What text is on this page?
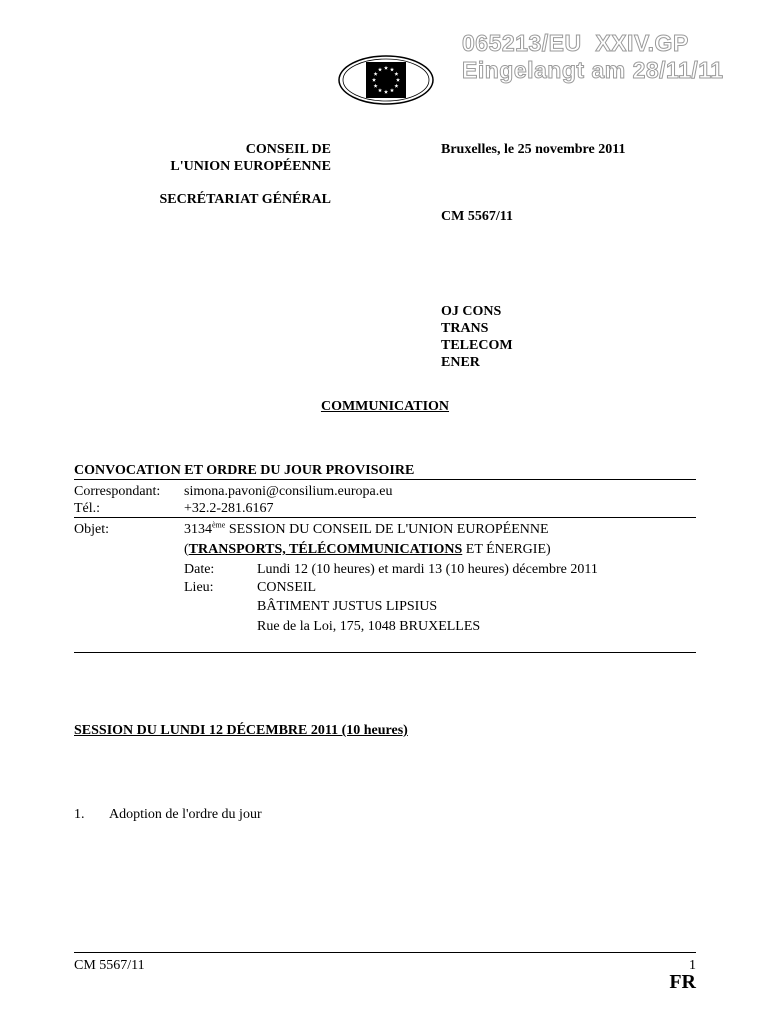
065213/EU  XXIV.GP
Eingelangt am 28/11/11
CONSEIL DE
L'UNION EUROPÉENNE
SECRÉTARIAT GÉNÉRAL
Bruxelles, le 25 novembre 2011
CM 5567/11
OJ CONS
TRANS
TELECOM
ENER
COMMUNICATION
CONVOCATION ET ORDRE DU JOUR PROVISOIRE
Correspondant: simona.pavoni@consilium.europa.eu
Tél.:	+32.2-281.6167
Objet:	3134ème SESSION DU CONSEIL DE L'UNION EUROPÉENNE
(TRANSPORTS, TÉLÉCOMMUNICATIONS ET ÉNERGIE)
Date:	Lundi 12 (10 heures) et mardi 13 (10 heures) décembre 2011
Lieu:	CONSEIL
BÂTIMENT JUSTUS LIPSIUS
Rue de la Loi, 175, 1048 BRUXELLES
SESSION DU LUNDI 12 DÉCEMBRE 2011 (10 heures)
1. Adoption de l'ordre du jour
CM 5567/11	1
FR
